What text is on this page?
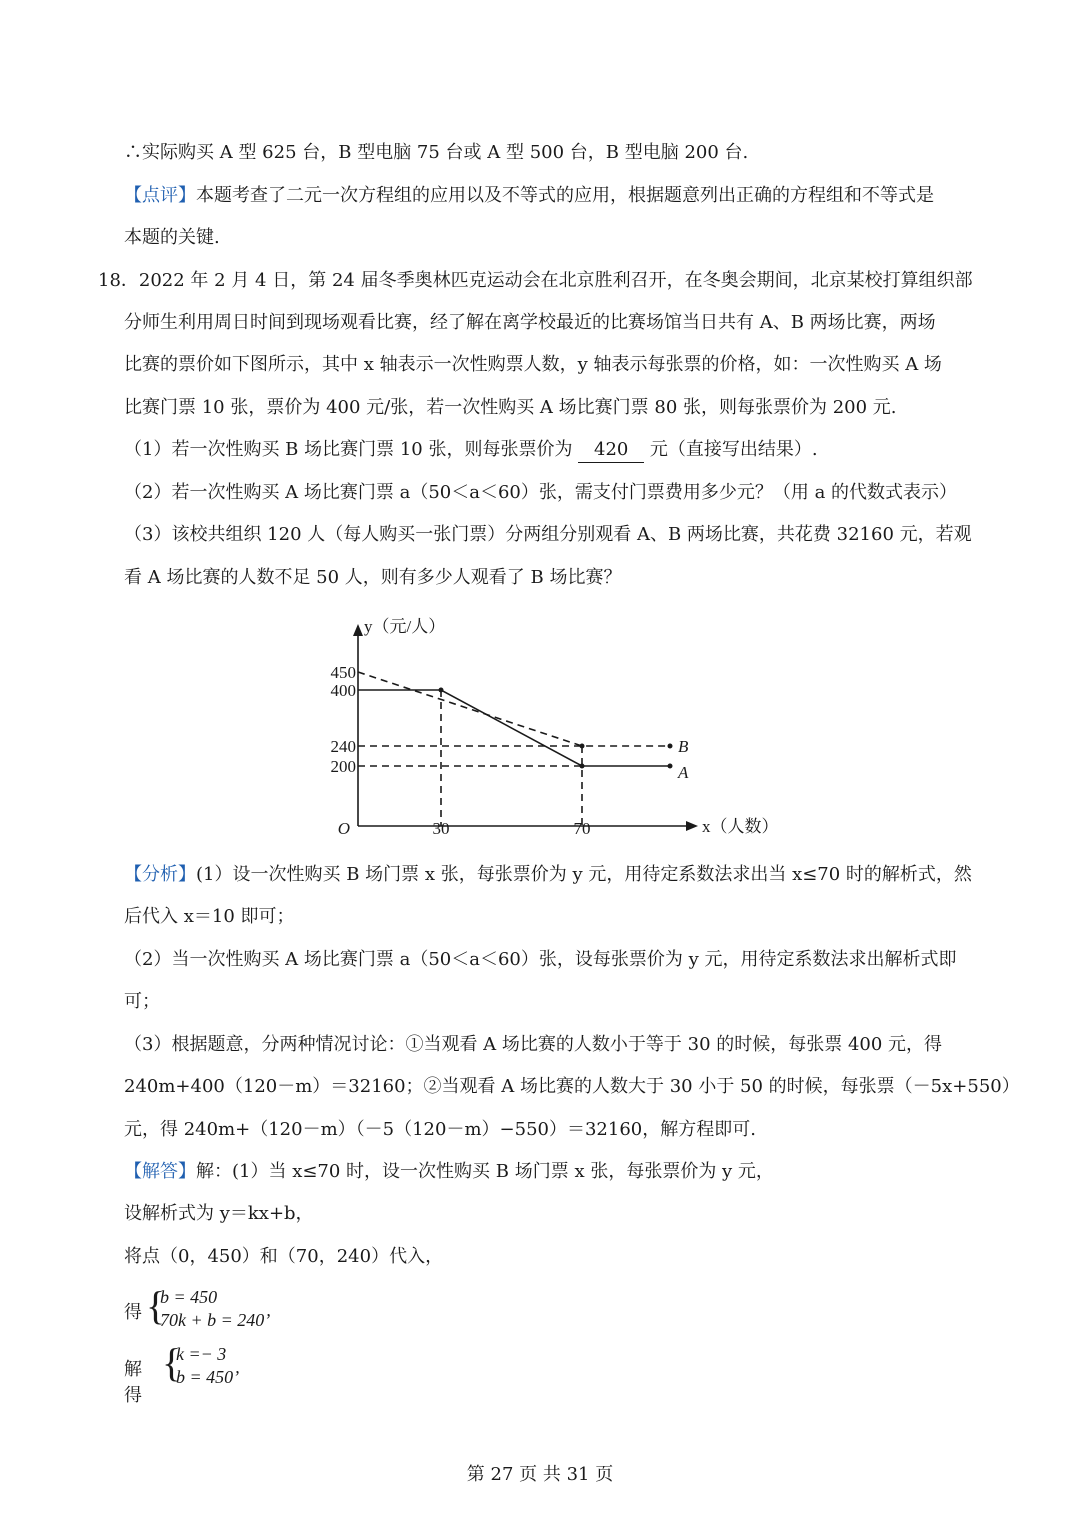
∴实际购买 A 型 625 台，B 型电脑 75 台或 A 型 500 台，B 型电脑 200 台.
【点评】本题考查了二元一次方程组的应用以及不等式的应用，根据题意列出正确的方程组和不等式是
本题的关键.
18．2022 年 2 月 4 日，第 24 届冬季奥林匹克运动会在北京胜利召开，在冬奥会期间，北京某校打算组织部
分师生利用周日时间到现场观看比赛，经了解在离学校最近的比赛场馆当日共有 A、B 两场比赛，两场
比赛的票价如下图所示，其中 x 轴表示一次性购票人数，y 轴表示每张票的价格，如：一次性购买 A 场
比赛门票 10 张，票价为 400 元/张，若一次性购买 A 场比赛门票 80 张，则每张票价为 200 元.
（1）若一次性购买 B 场比赛门票 10 张，则每张票价为 420 元（直接写出结果）.
（2）若一次性购买 A 场比赛门票 a（50＜a＜60）张，需支付门票费用多少元？（用 a 的代数式表示）
（3）该校共组织 120 人（每人购买一张门票）分两组分别观看 A、B 两场比赛，共花费 32160 元，若观
看 A 场比赛的人数不足 50 人，则有多少人观看了 B 场比赛？
y（元/人）
x（人数）
O	30	70
450
400
240
200	A
B
【分析】(1）设一次性购买 B 场门票 x 张，每张票价为 y 元，用待定系数法求出当 x≤70 时的解析式，然
后代入 x＝10 即可；
（2）当一次性购买 A 场比赛门票 a（50＜a＜60）张，设每张票价为 y 元，用待定系数法求出解析式即
可；
（3）根据题意，分两种情况讨论：①当观看 A 场比赛的人数小于等于 30 的时候，每张票 400 元，得
240m+400（120－m）＝32160；②当观看 A 场比赛的人数大于 30 小于 50 的时候，每张票（－5x+550）
元，得 240m+（120－m）（－5（120－m）−550）＝32160，解方程即可.
【解答】解：(1）当 x≤70 时，设一次性购买 B 场门票 x 张，每张票价为 y 元，
设解析式为 y＝kx+b，
将点（0，450）和（70，240）代入，
得 {
b = 450
70k + b = 240’
解得
{
k =− 3
b = 450’
第 27 页 共 31 页
